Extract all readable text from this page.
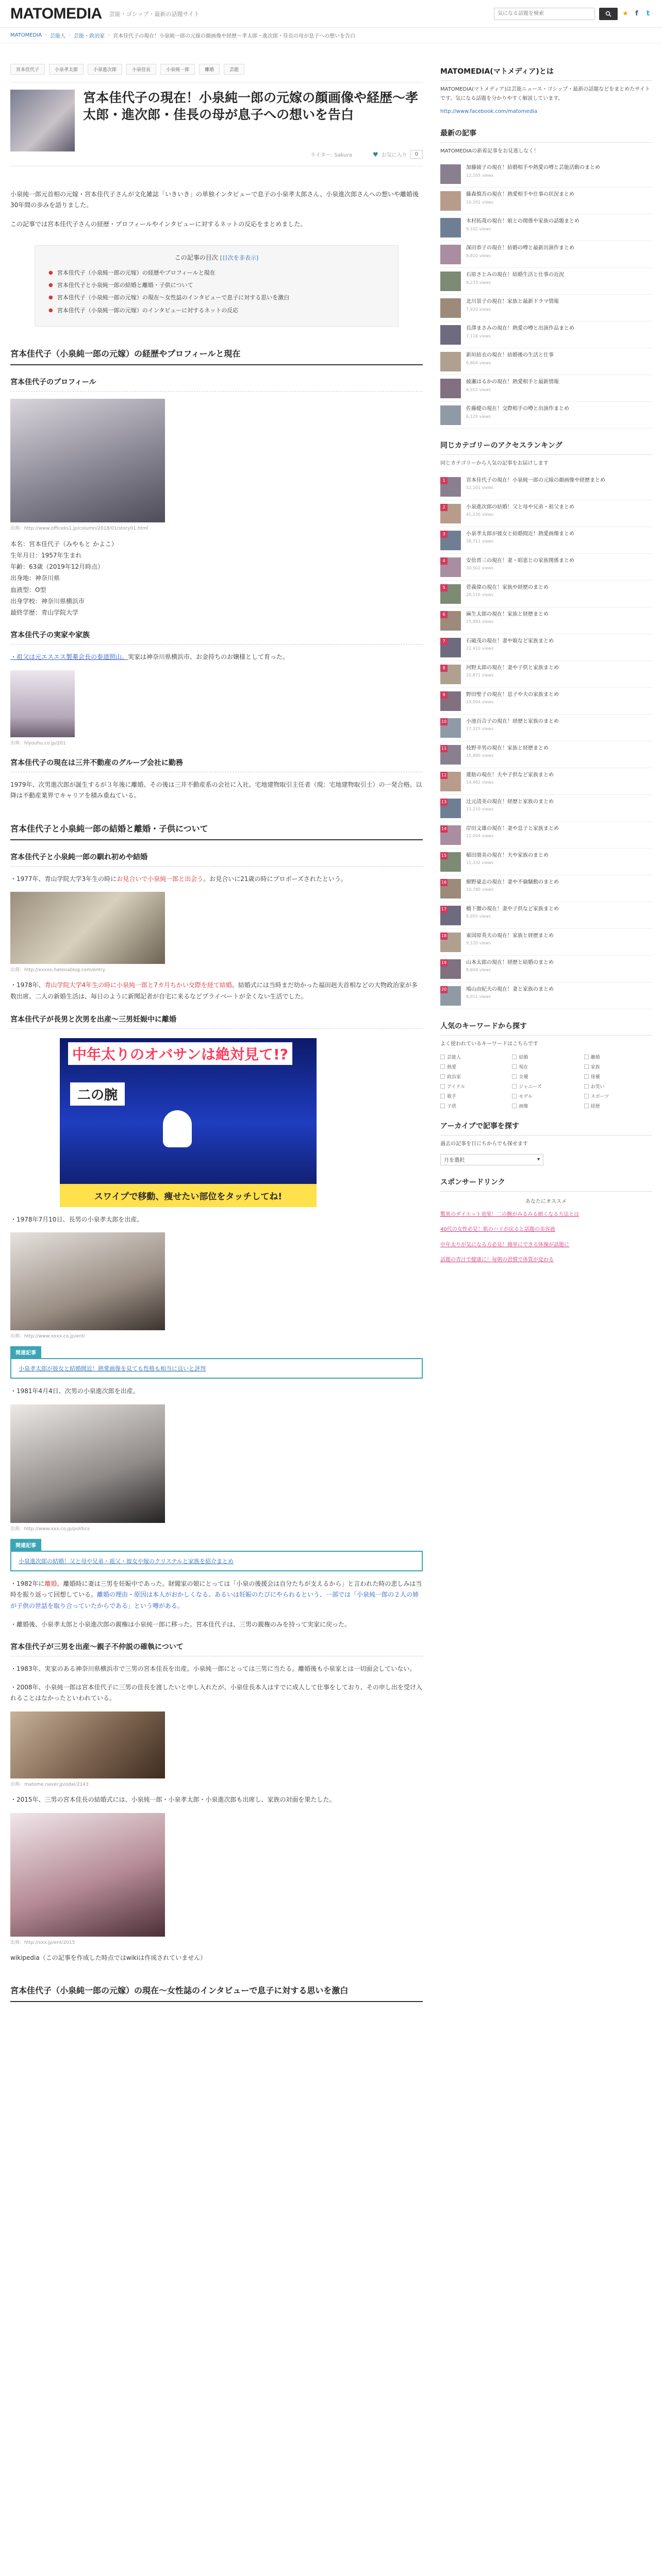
MATOMEDIA 芸能・ゴシップ・最新の話題サイト
気になる話題を検索	★	f	t
MATOMEDIA › 芸能人 › 芸能・政治家 › 宮本佳代子の現在！小泉純一郎の元嫁の顔画像や経歴〜孝太郎・進次郎・佳長の母が息子への想いを告白
宮本佳代子	小泉孝太郎	小泉進次郎	小泉佳長	小泉純一郎	離婚	芸能
宮本佳代子の現在！小泉純一郎の元嫁の顔画像や経歴〜孝太郎・進次郎・佳長の母が息子への想いを告白
ライター: Sakura	♥ お気に入り	0

小泉純一郎元首相の元嫁・宮本佳代子さんが文化雑誌「いきいき」の単独インタビューで息子の小泉孝太郎さん、小泉進次郎さんへの想いや離婚後30年間の歩みを語りました。

この記事では宮本佳代子さんの経歴・プロフィールやインタビューに対するネットの反応をまとめました。

この記事の目次 [目次を非表示]
● 宮本佳代子（小泉純一郎の元嫁）の経歴やプロフィールと現在
● 宮本佳代子と小泉純一郎の結婚と離婚・子供について
● 宮本佳代子（小泉純一郎の元嫁）の現在〜女性誌のインタビューで息子に対する思いを激白
● 宮本佳代子（小泉純一郎の元嫁）のインタビューに対するネットの反応
宮本佳代子（小泉純一郎の元嫁）の経歴やプロフィールと現在
宮本佳代子のプロフィール
出典：http://www.officeks1.jp/column/2018/01/story01.html
本名：宮本佳代子（みやもと かよこ）
生年月日：1957年生まれ
年齢：63歳（2019年12月時点）
出身地：神奈川県
血液型：O型
出身学校：神奈川県横浜市
最終学歴：青山学院大学
宮本佳代子の実家や家族
・祖父は元エスエス製薬会長の泰道照山。実家は神奈川県横浜市、お金持ちのお嬢様として育った。
出典：hlyouhu.co.jp/201
宮本佳代子の現在は三井不動産のグループ会社に勤務
1979年、次男進次郎が誕生するが３年後に離婚。その後は三井不動産系の会社に入社。宅地建物取引主任者（現：宅地建物取引士）の一発合格。以降は不動産業界でキャリアを積み重ねている。
宮本佳代子と小泉純一郎の結婚と離婚・子供について
宮本佳代子と小泉純一郎の馴れ初めや結婚
・1977年、青山学院大学3年生の時にお見合いで小泉純一郎と出会う。お見合いに21歳の時にプロポーズされたという。
出典：http://xxxxx.hatenablog.com/entry
・1978年、青山学院大学4年生の時に小泉純一郎と7カ月ちかい交際を経て結婚。結婚式には当時まだ幼かった福田赳夫首相などの大物政治家が多数出席。二人の新婚生活は、毎日のように新聞記者が自宅に来るなどプライベートが全くない生活でした。
宮本佳代子が長男と次男を出産〜三男妊娠中に離婚
中年太りのオバサンは絶対見て!?
二の腕
スワイプで移動、痩せたい部位をタッチしてね!
・1978年7月10日、長男の小泉孝太郎を出産。
出典：http://www.xxxx.co.jp/ent/
関連記事
小泉孝太郎が彼女と結婚間近！熱愛画像を見ても性格も相当に良いと評判
・1981年4月4日、次男の小泉進次郎を出産。
出典：http://www.xxx.co.jp/politics
関連記事
小泉進次郎の結婚！父と母や兄弟・祖父・彼女や嫁のクリステルと家族を紹介まとめ
・1982年に離婚。離婚時に妻は三男を妊娠中であった。財閥家の娘にとっては「小泉の後援会は自分たちが支えるから」と言われた時の悲しみは当時を振り返って回想している。離婚の理由・原因は本人がおかしくなる、あるいは妊娠のたびにやられるという、一部では「小泉純一郎の２人の姉が子供の世話を取り合っていたからである」という噂がある。
・離婚後、小泉孝太郎と小泉進次郎の親権は小泉純一郎に移った。宮本佳代子は、三男の親権のみを持って実家に戻った。
宮本佳代子が三男を出産〜親子不仲説の確執について
・1983年、実家のある神奈川県横浜市で三男の宮本佳長を出産。小泉純一郎にとっては三男に当たる。離婚後も小泉家とは一切面会していない。
・2008年、小泉純一郎は宮本佳代子に三男の佳長を渡したいと申し入れたが、小泉佳長本人はすでに成人して仕事をしており、その申し出を受け入れることはなかったといわれている。
出典：matome.naver.jp/odai/2143
・2015年、三男の宮本佳長の結婚式には、小泉純一郎・小泉孝太郎・小泉進次郎も出席し、家族の対面を果たした。
出典：http://xxx.jp/ent/2015
wikipedia（この記事を作成した時点ではwikiは作成されていません）
宮本佳代子（小泉純一郎の元嫁）の現在〜女性誌のインタビューで息子に対する思いを激白
MATOMEDIA(マトメディア)とは
MATOMEDIA(マトメディア)は芸能ニュース・ゴシップ・最新の話題などをまとめたサイトです。気になる話題を分かりやすく解説しています。
http://www.facebook.com/matomedia
最新の記事
MATOMEDIAの新着記事をお見逃しなく！
加藤綾子の現在！結婚相手や熱愛の噂と芸能活動のまとめ
12,103 views
藤森慎吾の現在！熱愛相手や仕事の状況まとめ
10,201 views
木村拓哉の現在！娘との関係や家族の話題まとめ
9,102 views
深田恭子の現在！結婚の噂と最新出演作まとめ
8,810 views
石原さとみの現在！結婚生活と仕事の近況
8,233 views
北川景子の現在！家族と最新ドラマ情報
7,920 views
長澤まさみの現在！熱愛の噂と出演作品まとめ
7,118 views
新垣結衣の現在！結婚後の生活と仕事
6,804 views
綾瀬はるかの現在！熱愛相手と最新情報
6,552 views
佐藤健の現在！交際相手の噂と出演作まとめ
6,120 views
同じカテゴリーのアクセスランキング
同じカテゴリーから人気の記事をお届けします
1	宮本佳代子の現在！小泉純一郎の元嫁の顔画像や経歴まとめ
52,101 views
2	小泉進次郎の結婚！父と母や兄弟・祖父まとめ
41,230 views
3	小泉孝太郎が彼女と結婚間近！熱愛画像まとめ
38,711 views
4	安倍晋三の現在！妻・昭恵との家族関係まとめ
30,502 views
5	菅義偉の現在！家族や経歴のまとめ
28,110 views
6	麻生太郎の現在！家族と経歴まとめ
25,993 views
7	石破茂の現在！妻や娘など家族まとめ
22,410 views
8	河野太郎の現在！妻や子供と家族まとめ
20,871 views
9	野田聖子の現在！息子や夫の家族まとめ
19,004 views
10	小池百合子の現在！経歴と家族のまとめ
17,325 views
11	枝野幸男の現在！家族と経歴まとめ
15,880 views
12	蓮舫の現在！夫や子供など家族まとめ
14,462 views
13	辻元清美の現在！経歴と家族のまとめ
13,210 views
14	岸田文雄の現在！妻や息子と家族まとめ
12,004 views
15	稲田朋美の現在！夫や家族のまとめ
11,332 views
16	細野豪志の現在！妻や不倫騒動のまとめ
10,780 views
17	橋下徹の現在！妻や子供など家族まとめ
9,955 views
18	東国原英夫の現在！家族と経歴まとめ
9,120 views
19	山本太郎の現在！経歴と結婚のまとめ
8,604 views
20	鳩山由紀夫の現在！妻と家族のまとめ
8,011 views
人気のキーワードから探す
よく使われているキーワードはこちらです
芸能人	結婚	離婚
熱愛	現在	家族
政治家	女優	俳優
アイドル	ジャニーズ	お笑い
歌手	モデル	スポーツ
子供	画像	経歴
アーカイブで記事を探す
過去の記事を日にちからでも探せます
月を選択	▾
スポンサードリンク
あなたにオススメ
驚異のダイエット効果！二の腕がみるみる細くなる方法とは
40代の女性必見！肌のハリが戻ると話題の美容液
中年太りが気になる方必見！簡単にできる体操が話題に
話題の青汁で健康に！毎朝の習慣で体質が変わる
